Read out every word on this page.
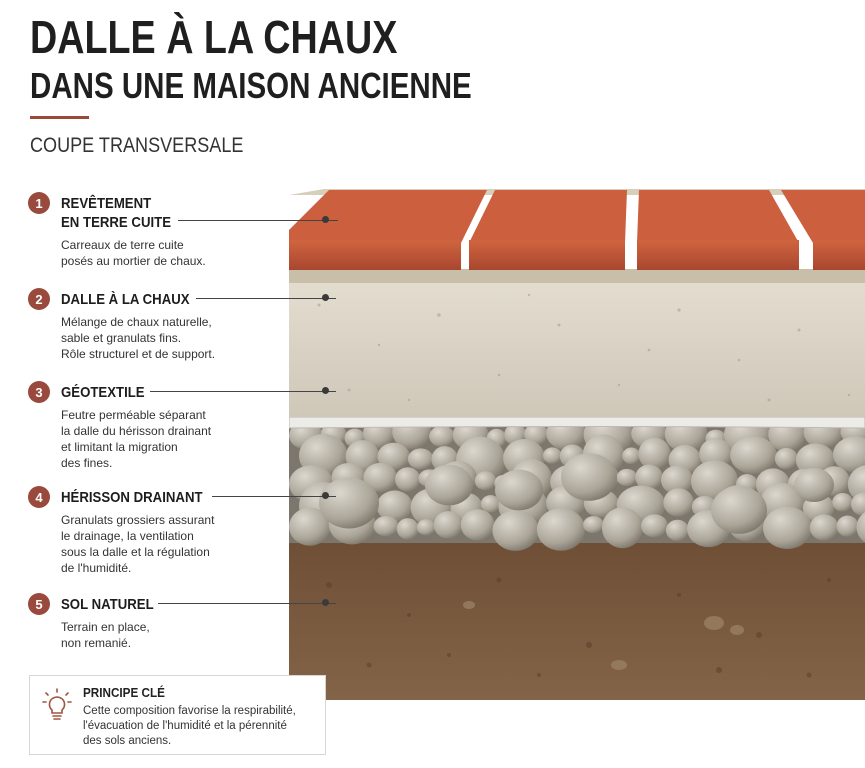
DALLE À LA CHAUX
DANS UNE MAISON ANCIENNE
COUPE TRANSVERSALE
1	REVÊTEMENT
EN TERRE CUITE
Carreaux de terre cuite
posés au mortier de chaux.
2	DALLE À LA CHAUX
Mélange de chaux naturelle,
sable et granulats fins.
Rôle structurel et de support.
3	GÉOTEXTILE
Feutre perméable séparant
la dalle du hérisson drainant
et limitant la migration
des fines.
4	HÉRISSON DRAINANT
Granulats grossiers assurant
le drainage, la ventilation
sous la dalle et la régulation
de l'humidité.
5	SOL NATUREL
Terrain en place,
non remanié.
PRINCIPE CLÉ
Cette composition favorise la respirabilité,
l'évacuation de l'humidité et la pérennité
des sols anciens.
